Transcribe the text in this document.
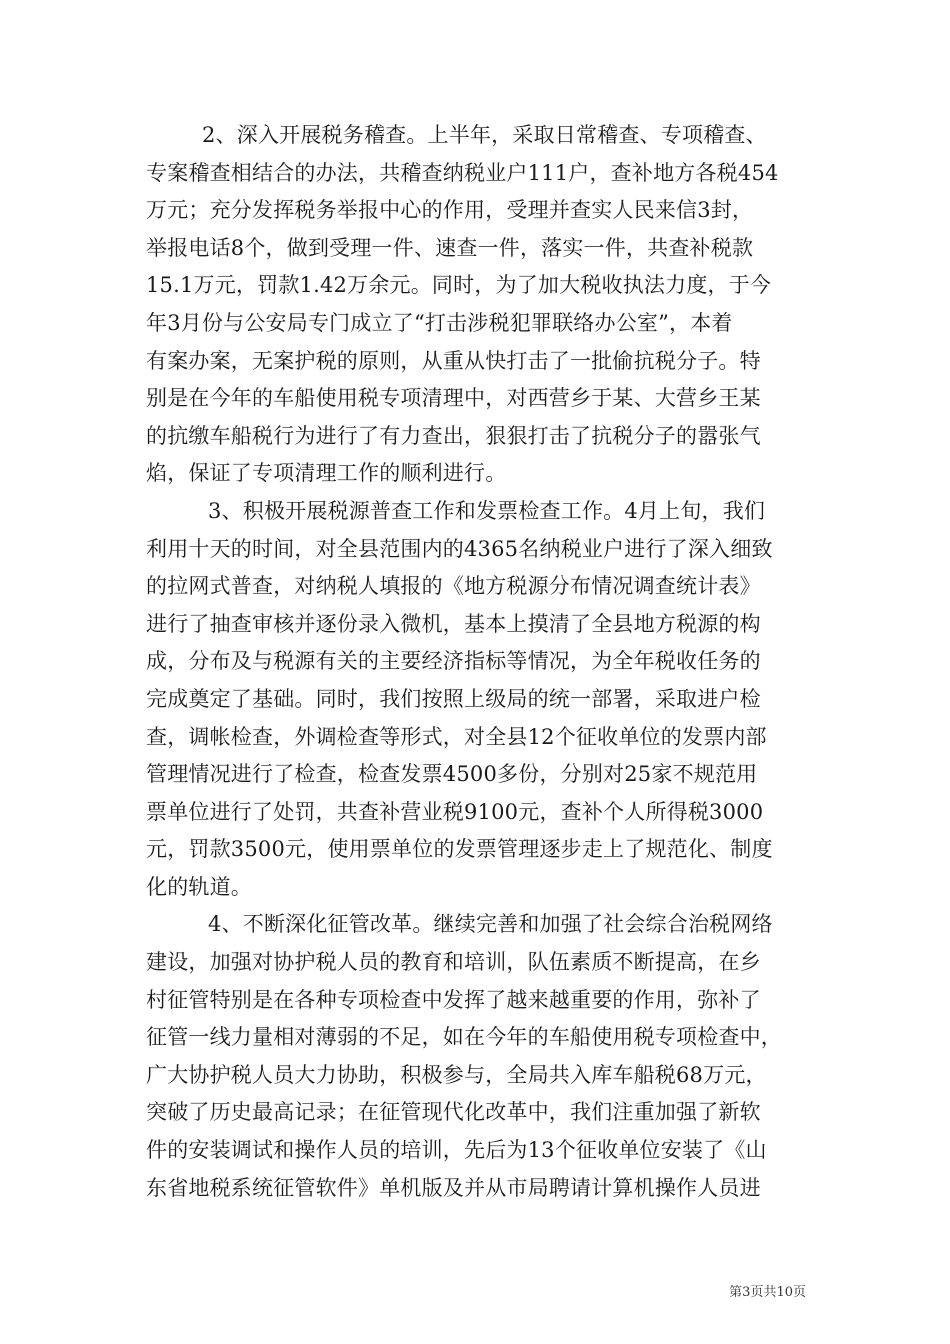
2、深入开展税务稽查。上半年，采取日常稽查、专项稽查、
专案稽查相结合的办法，共稽查纳税业户111户，查补地方各税454
万元；充分发挥税务举报中心的作用，受理并查实人民来信3封，
举报电话8个，做到受理一件、速查一件，落实一件，共查补税款
15.1万元，罚款1.42万余元。同时，为了加大税收执法力度，于今
年3月份与公安局专门成立了“打击涉税犯罪联络办公室”，本着
有案办案，无案护税的原则，从重从快打击了一批偷抗税分子。特
别是在今年的车船使用税专项清理中，对西营乡于某、大营乡王某
的抗缴车船税行为进行了有力查出，狠狠打击了抗税分子的嚣张气
焰，保证了专项清理工作的顺利进行。
3、积极开展税源普查工作和发票检查工作。4月上旬，我们
利用十天的时间，对全县范围内的4365名纳税业户进行了深入细致
的拉网式普查，对纳税人填报的《地方税源分布情况调查统计表》
进行了抽查审核并逐份录入微机，基本上摸清了全县地方税源的构
成，分布及与税源有关的主要经济指标等情况，为全年税收任务的
完成奠定了基础。同时，我们按照上级局的统一部署，采取进户检
查，调帐检查，外调检查等形式，对全县12个征收单位的发票内部
管理情况进行了检查，检查发票4500多份，分别对25家不规范用
票单位进行了处罚，共查补营业税9100元，查补个人所得税3000
元，罚款3500元，使用票单位的发票管理逐步走上了规范化、制度
化的轨道。
4、不断深化征管改革。继续完善和加强了社会综合治税网络
建设，加强对协护税人员的教育和培训，队伍素质不断提高，在乡
村征管特别是在各种专项检查中发挥了越来越重要的作用，弥补了
征管一线力量相对薄弱的不足，如在今年的车船使用税专项检查中，
广大协护税人员大力协助，积极参与，全局共入库车船税68万元，
突破了历史最高记录；在征管现代化改革中，我们注重加强了新软
件的安装调试和操作人员的培训，先后为13个征收单位安装了《山
东省地税系统征管软件》单机版及并从市局聘请计算机操作人员进
第3页共10页
